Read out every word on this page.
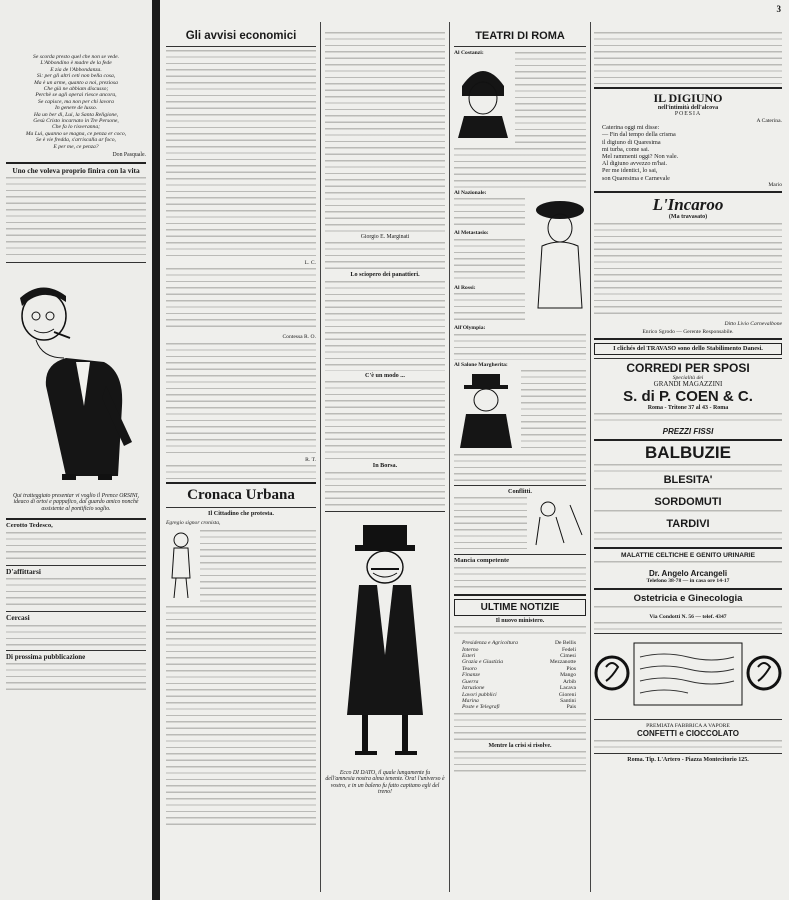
Se scorda presto quel che non se vede.
L'Abbondino è madre de la fede
E zia de l'Abbondanza.
Si: per gli altri ceti non bella cosa,
Ma è un arme, quanto a noi, preziosa
Che già ne abbiam discusso;
Perchè se agli operai riesce ancora,
Se capisce, ma non per chi lavora
In genere de lusso.
Ha un ber di, Lui, la Santa Religione,
Gesù Cristo incarnato in Tre Persone,
Che fa lo risveranna;
Ma Lui, quanno se magna, ce penza er coco,
Se è vie fredda, s'arriscalla ar foco,
E per me, ce penza?
Don Pasquale.
Uno che voleva proprio finira con la vita
Qui tratteggiato presentar vi voglio il Prence ORSINI, ideaco di ortoi e pappafico, dal guardo amico nonchè assistente al pontificio soglio.
Cerotto Tedesco,
D'affittarsi
Cercasi
Di prossima pubblicazione
3
Gli avvisi economici
L. C.
Contessa R. O.
R. T.
Cronaca Urbana
Il Cittadino che protesta.
Egregio signor cronista,
Giorgio E. Marginati
Lo sciopero dei panattieri.
C'è un modo ...
In Borsa.
Ecco DI DATO, il quale lungamente fu dell'amnesia nostra alma tenente. Ora! l'universo è vostro, e in un baleno fu fatto capitano egli del treno!
TEATRI DI ROMA
Al Costanzi:
Al Nazionale:
Al Metastasio:
Al Rossi:
All'Olympia:
Al Salone Margherita:
Conflitti.
Mancia competente
ULTIME NOTIZIE
Il nuovo ministero.
Presidenza e Agricoltura	De Bellis
Interno	Fedeli
Esteri	Cimesi
Grazia e Giustizia	Mezzanotte
Tesoro	Pios
Finanze	Mango
Guerra	Arbib
Istruzione	Lacava
Lavori pubblici	Gioreni
Marina	Santini
Poste e Telegrafi	Pais
Mentre la crisi si risolve.
IL DIGIUNO
nell'intimità dell'alcova
POESIA
A Caterina.
Caterina oggi mi disse:
— Fin dal tempo della crisma
il digiuno di Quaresima
mi turba, come sai.
Mel rammenti oggi? Non vale.
Al digiuno avvezzo m'hai.
Per me identici, lo sai,
son Quaresima e Carnevale
Mario
L'Incaroo
(Ma travasato)
Ditto Livio Carnevalbone
Enrico Sgrodo — Gerente Responsabile.
I clichés del TRAVASO sono dello Stabilimento Danesi.
CORREDI PER SPOSI
Specialità dei
GRANDI MAGAZZINI
S. di P. COEN & C.
Roma - Tritone 37 al 43 - Roma
PREZZI FISSI
BALBUZIE
BLESITA'
SORDOMUTI
TARDIVI
MALATTIE CELTICHE E GENITO URINARIE
Dr. Angelo Arcangeli
Telefono 38-78 — in casa ore 14-17
Ostetricia e Ginecologia
Via Condotti N. 56 — telef. 4347
PREMIATA FABBRICA A VAPORE
CONFETTI e CIOCCOLATO
Roma. Tip. L'Artero - Piazza Montecitorio 125.
